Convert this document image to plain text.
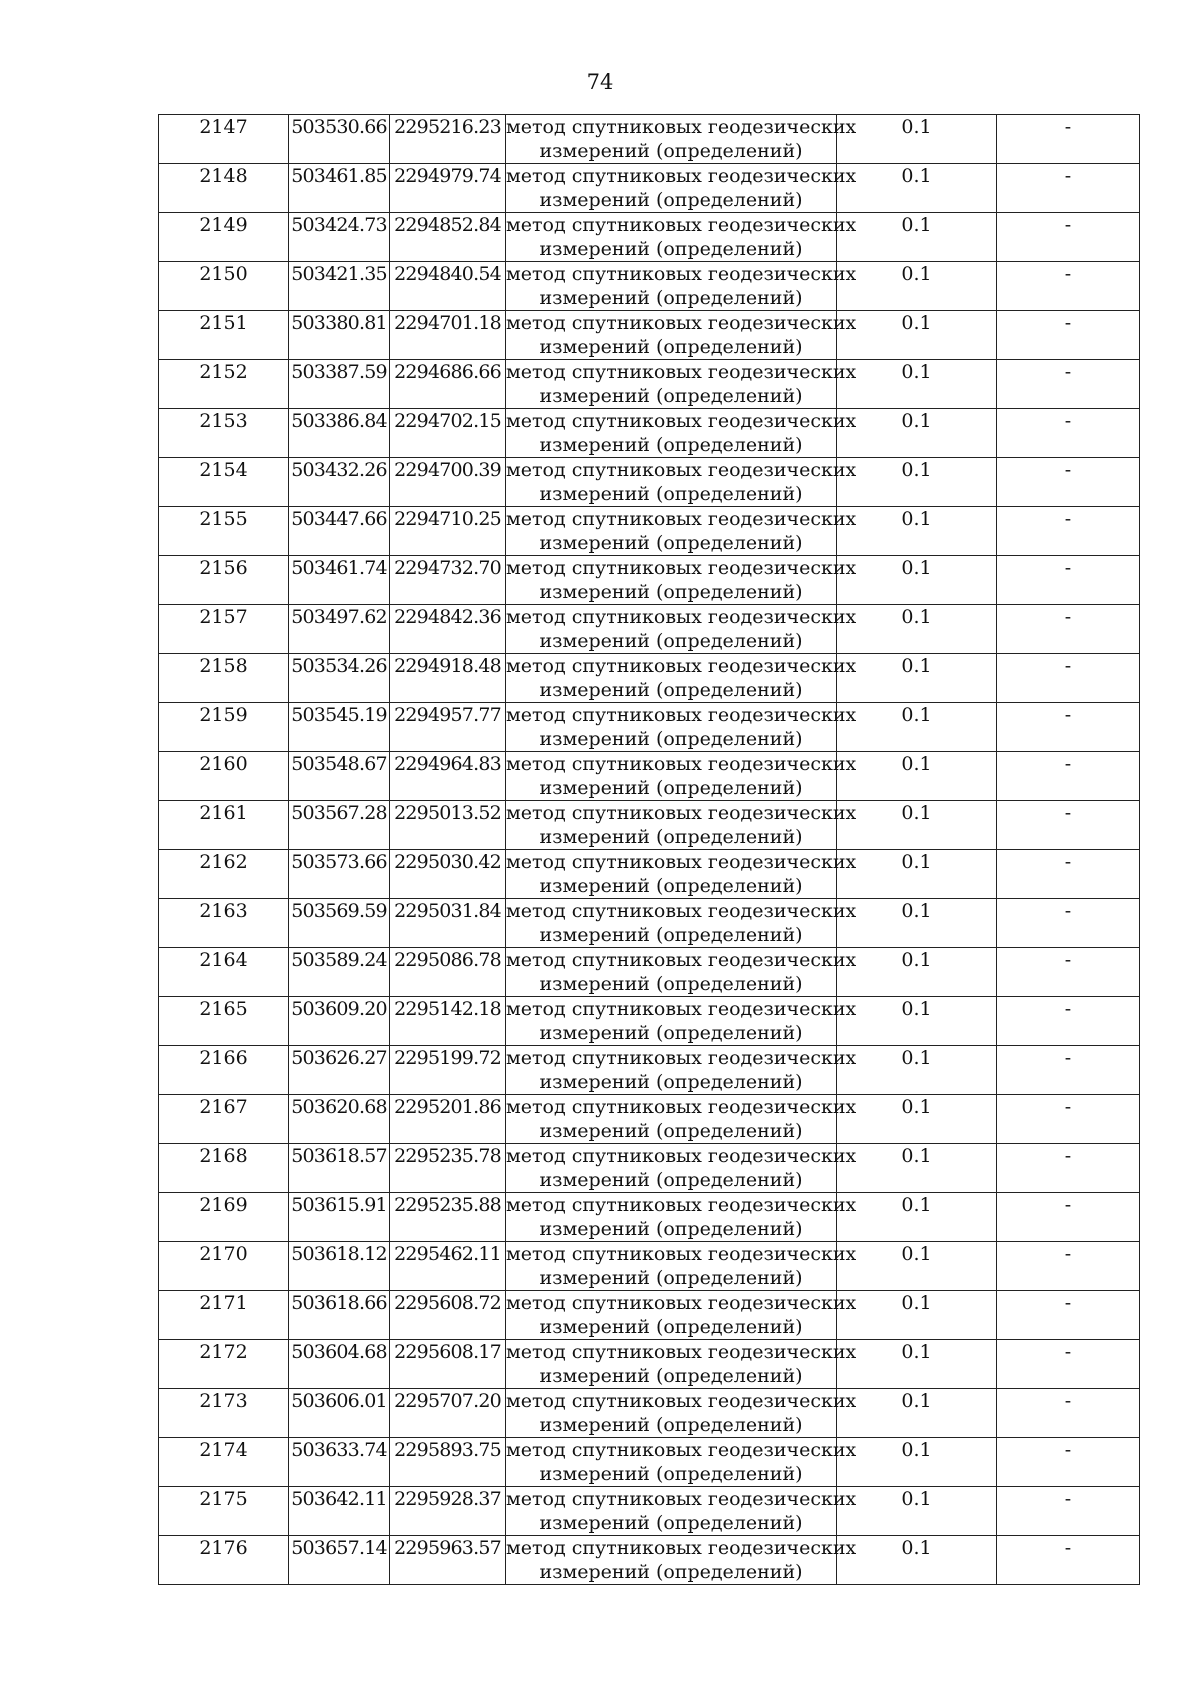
74
2147	503530.66	2295216.23	метод спутниковых геодезических
измерений (определений)	0.1	-
2148	503461.85	2294979.74	метод спутниковых геодезических
измерений (определений)	0.1	-
2149	503424.73	2294852.84	метод спутниковых геодезических
измерений (определений)	0.1	-
2150	503421.35	2294840.54	метод спутниковых геодезических
измерений (определений)	0.1	-
2151	503380.81	2294701.18	метод спутниковых геодезических
измерений (определений)	0.1	-
2152	503387.59	2294686.66	метод спутниковых геодезических
измерений (определений)	0.1	-
2153	503386.84	2294702.15	метод спутниковых геодезических
измерений (определений)	0.1	-
2154	503432.26	2294700.39	метод спутниковых геодезических
измерений (определений)	0.1	-
2155	503447.66	2294710.25	метод спутниковых геодезических
измерений (определений)	0.1	-
2156	503461.74	2294732.70	метод спутниковых геодезических
измерений (определений)	0.1	-
2157	503497.62	2294842.36	метод спутниковых геодезических
измерений (определений)	0.1	-
2158	503534.26	2294918.48	метод спутниковых геодезических
измерений (определений)	0.1	-
2159	503545.19	2294957.77	метод спутниковых геодезических
измерений (определений)	0.1	-
2160	503548.67	2294964.83	метод спутниковых геодезических
измерений (определений)	0.1	-
2161	503567.28	2295013.52	метод спутниковых геодезических
измерений (определений)	0.1	-
2162	503573.66	2295030.42	метод спутниковых геодезических
измерений (определений)	0.1	-
2163	503569.59	2295031.84	метод спутниковых геодезических
измерений (определений)	0.1	-
2164	503589.24	2295086.78	метод спутниковых геодезических
измерений (определений)	0.1	-
2165	503609.20	2295142.18	метод спутниковых геодезических
измерений (определений)	0.1	-
2166	503626.27	2295199.72	метод спутниковых геодезических
измерений (определений)	0.1	-
2167	503620.68	2295201.86	метод спутниковых геодезических
измерений (определений)	0.1	-
2168	503618.57	2295235.78	метод спутниковых геодезических
измерений (определений)	0.1	-
2169	503615.91	2295235.88	метод спутниковых геодезических
измерений (определений)	0.1	-
2170	503618.12	2295462.11	метод спутниковых геодезических
измерений (определений)	0.1	-
2171	503618.66	2295608.72	метод спутниковых геодезических
измерений (определений)	0.1	-
2172	503604.68	2295608.17	метод спутниковых геодезических
измерений (определений)	0.1	-
2173	503606.01	2295707.20	метод спутниковых геодезических
измерений (определений)	0.1	-
2174	503633.74	2295893.75	метод спутниковых геодезических
измерений (определений)	0.1	-
2175	503642.11	2295928.37	метод спутниковых геодезических
измерений (определений)	0.1	-
2176	503657.14	2295963.57	метод спутниковых геодезических
измерений (определений)	0.1	-
